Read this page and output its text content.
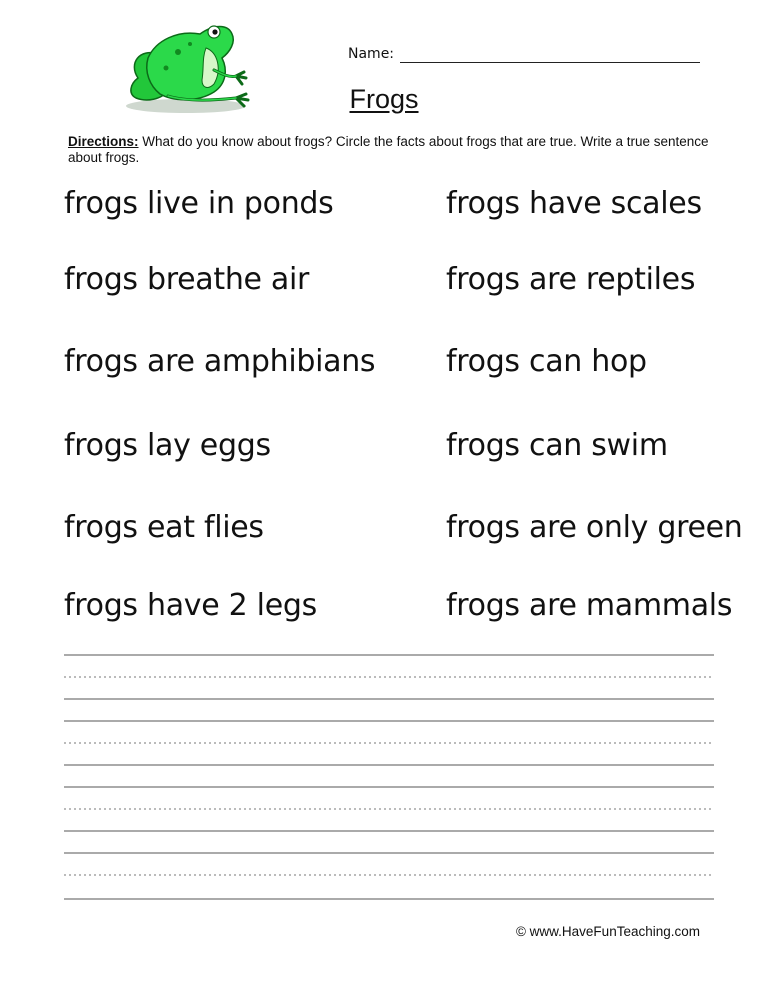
Name:
Frogs
Directions: What do you know about frogs? Circle the facts about frogs that are true. Write a true sentence about frogs.
frogs live in ponds
frogs breathe air
frogs are amphibians
frogs lay eggs
frogs eat flies
frogs have 2 legs
frogs have scales
frogs are reptiles
frogs can hop
frogs can swim
frogs are only green
frogs are mammals
© www.HaveFunTeaching.com
